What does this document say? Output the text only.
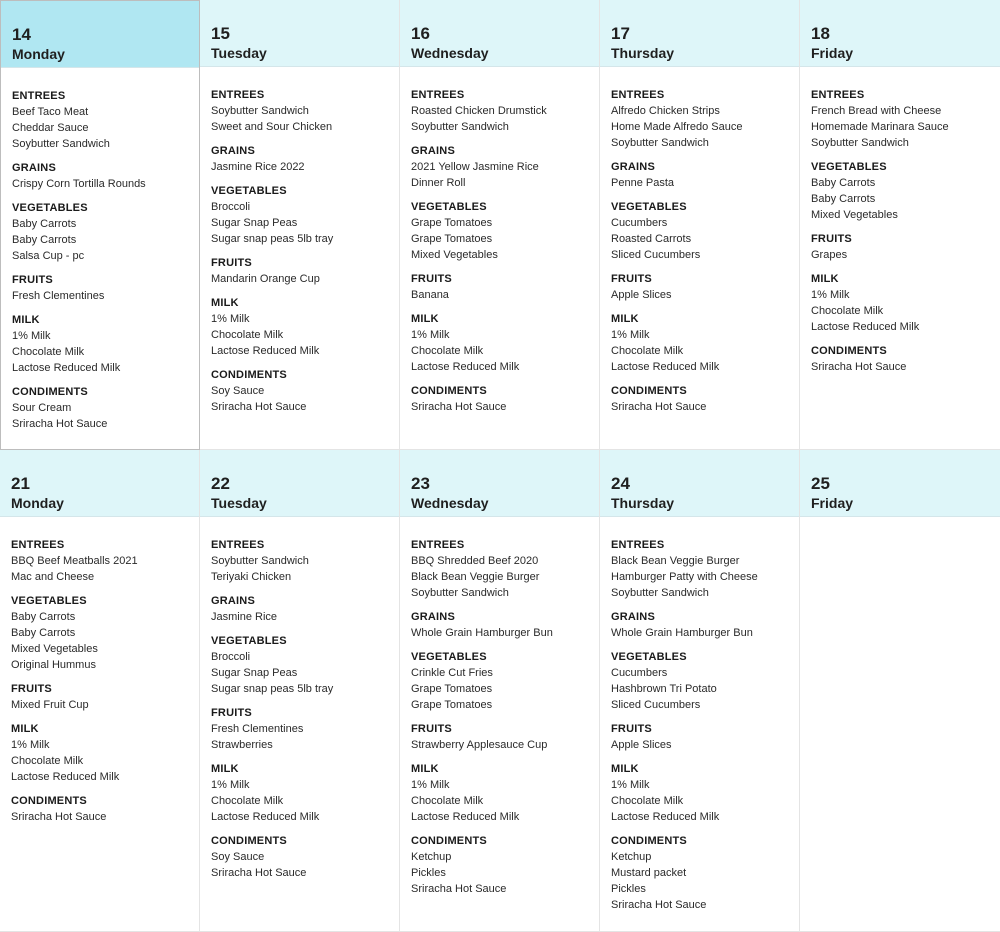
14
Monday
ENTREES
Beef Taco Meat
Cheddar Sauce
Soybutter Sandwich
GRAINS
Crispy Corn Tortilla Rounds
VEGETABLES
Baby Carrots
Baby Carrots
Salsa Cup - pc
FRUITS
Fresh Clementines
MILK
1% Milk
Chocolate Milk
Lactose Reduced Milk
CONDIMENTS
Sour Cream
Sriracha Hot Sauce
15
Tuesday
ENTREES
Soybutter Sandwich
Sweet and Sour Chicken
GRAINS
Jasmine Rice 2022
VEGETABLES
Broccoli
Sugar Snap Peas
Sugar snap peas 5lb tray
FRUITS
Mandarin Orange Cup
MILK
1% Milk
Chocolate Milk
Lactose Reduced Milk
CONDIMENTS
Soy Sauce
Sriracha Hot Sauce
16
Wednesday
ENTREES
Roasted Chicken Drumstick
Soybutter Sandwich
GRAINS
2021 Yellow Jasmine Rice
Dinner Roll
VEGETABLES
Grape Tomatoes
Grape Tomatoes
Mixed Vegetables
FRUITS
Banana
MILK
1% Milk
Chocolate Milk
Lactose Reduced Milk
CONDIMENTS
Sriracha Hot Sauce
17
Thursday
ENTREES
Alfredo Chicken Strips
Home Made Alfredo Sauce
Soybutter Sandwich
GRAINS
Penne Pasta
VEGETABLES
Cucumbers
Roasted Carrots
Sliced Cucumbers
FRUITS
Apple Slices
MILK
1% Milk
Chocolate Milk
Lactose Reduced Milk
CONDIMENTS
Sriracha Hot Sauce
18
Friday
ENTREES
French Bread with Cheese
Homemade Marinara Sauce
Soybutter Sandwich
VEGETABLES
Baby Carrots
Baby Carrots
Mixed Vegetables
FRUITS
Grapes
MILK
1% Milk
Chocolate Milk
Lactose Reduced Milk
CONDIMENTS
Sriracha Hot Sauce
21
Monday
ENTREES
BBQ Beef Meatballs 2021
Mac and Cheese
VEGETABLES
Baby Carrots
Baby Carrots
Mixed Vegetables
Original Hummus
FRUITS
Mixed Fruit Cup
MILK
1% Milk
Chocolate Milk
Lactose Reduced Milk
CONDIMENTS
Sriracha Hot Sauce
22
Tuesday
ENTREES
Soybutter Sandwich
Teriyaki Chicken
GRAINS
Jasmine Rice
VEGETABLES
Broccoli
Sugar Snap Peas
Sugar snap peas 5lb tray
FRUITS
Fresh Clementines
Strawberries
MILK
1% Milk
Chocolate Milk
Lactose Reduced Milk
CONDIMENTS
Soy Sauce
Sriracha Hot Sauce
23
Wednesday
ENTREES
BBQ Shredded Beef 2020
Black Bean Veggie Burger
Soybutter Sandwich
GRAINS
Whole Grain Hamburger Bun
VEGETABLES
Crinkle Cut Fries
Grape Tomatoes
Grape Tomatoes
FRUITS
Strawberry Applesauce Cup
MILK
1% Milk
Chocolate Milk
Lactose Reduced Milk
CONDIMENTS
Ketchup
Pickles
Sriracha Hot Sauce
24
Thursday
ENTREES
Black Bean Veggie Burger
Hamburger Patty with Cheese
Soybutter Sandwich
GRAINS
Whole Grain Hamburger Bun
VEGETABLES
Cucumbers
Hashbrown Tri Potato
Sliced Cucumbers
FRUITS
Apple Slices
MILK
1% Milk
Chocolate Milk
Lactose Reduced Milk
CONDIMENTS
Ketchup
Mustard packet
Pickles
Sriracha Hot Sauce
25
Friday
